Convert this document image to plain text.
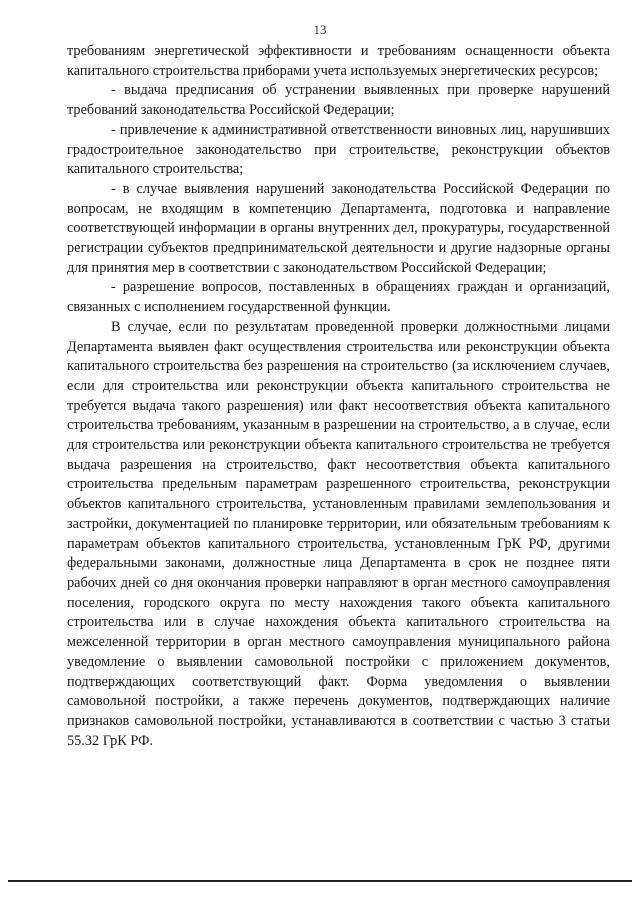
13

требованиям энергетической эффективности и требованиям оснащенности объекта капитального строительства приборами учета используемых энергетических ресурсов;

- выдача предписания об устранении выявленных при проверке нарушений требований законодательства Российской Федерации;

- привлечение к административной ответственности виновных лиц, нарушивших градостроительное законодательство при строительстве, реконструкции объектов капитального строительства;

- в случае выявления нарушений законодательства Российской Федерации по вопросам, не входящим в компетенцию Департамента, подготовка и направление соответствующей информации в органы внутренних дел, прокуратуры, государственной регистрации субъектов предпринимательской деятельности и другие надзорные органы для принятия мер в соответствии с законодательством Российской Федерации;

- разрешение вопросов, поставленных в обращениях граждан и организаций, связанных с исполнением государственной функции.

В случае, если по результатам проведенной проверки должностными лицами Департамента выявлен факт осуществления строительства или реконструкции объекта капитального строительства без разрешения на строительство (за исключением случаев, если для строительства или реконструкции объекта капитального строительства не требуется выдача такого разрешения) или факт несоответствия объекта капитального строительства требованиям, указанным в разрешении на строительство, а в случае, если для строительства или реконструкции объекта капитального строительства не требуется выдача разрешения на строительство, факт несоответствия объекта капитального строительства предельным параметрам разрешенного строительства, реконструкции объектов капитального строительства, установленным правилами землепользования и застройки, документацией по планировке территории, или обязательным требованиям к параметрам объектов капитального строительства, установленным ГрК РФ, другими федеральными законами, должностные лица Департамента в срок не позднее пяти рабочих дней со дня окончания проверки направляют в орган местного самоуправления поселения, городского округа по месту нахождения такого объекта капитального строительства или в случае нахождения объекта капитального строительства на межселенной территории в орган местного самоуправления муниципального района уведомление о выявлении самовольной постройки с приложением документов, подтверждающих соответствующий факт. Форма уведомления о выявлении самовольной постройки, а также перечень документов, подтверждающих наличие признаков самовольной постройки, устанавливаются в соответствии с частью 3 статьи 55.32 ГрК РФ.
